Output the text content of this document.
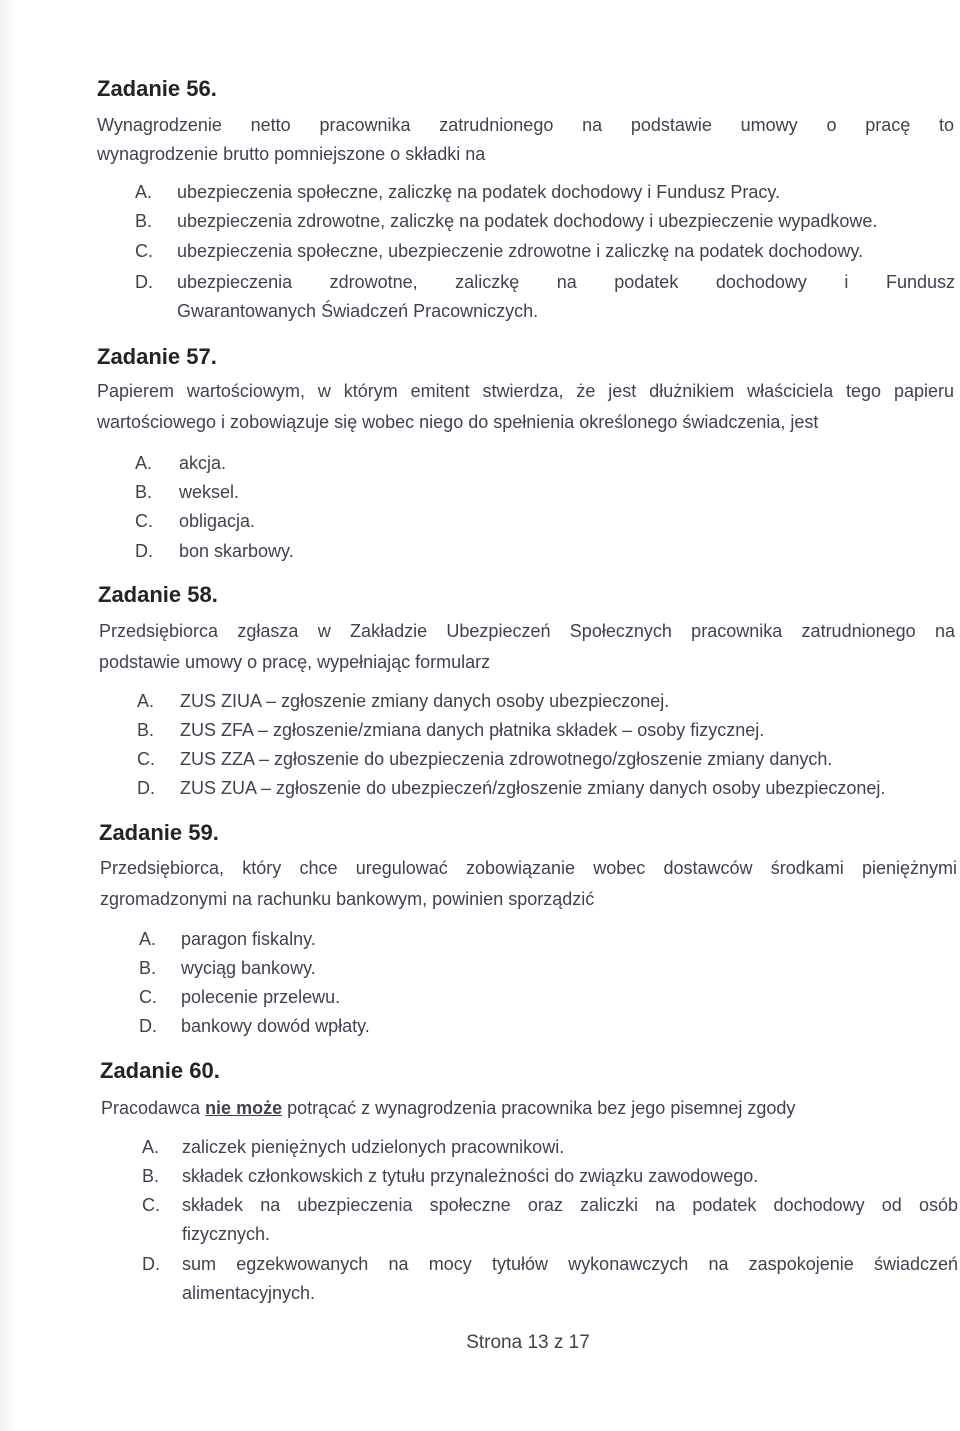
Zadanie 56.
Wynagrodzenie netto pracownika zatrudnionego na podstawie umowy o pracę to
wynagrodzenie brutto pomniejszone o składki na
A. ubezpieczenia społeczne, zaliczkę na podatek dochodowy i Fundusz Pracy.
B. ubezpieczenia zdrowotne, zaliczkę na podatek dochodowy i ubezpieczenie wypadkowe.
C. ubezpieczenia społeczne, ubezpieczenie zdrowotne i zaliczkę na podatek dochodowy.
D. ubezpieczenia zdrowotne, zaliczkę na podatek dochodowy i Fundusz
Gwarantowanych Świadczeń Pracowniczych.
Zadanie 57.
Papierem wartościowym, w którym emitent stwierdza, że jest dłużnikiem właściciela tego papieru
wartościowego i zobowiązuje się wobec niego do spełnienia określonego świadczenia, jest
A. akcja.
B. weksel.
C. obligacja.
D. bon skarbowy.
Zadanie 58.
Przedsiębiorca zgłasza w Zakładzie Ubezpieczeń Społecznych pracownika zatrudnionego na
podstawie umowy o pracę, wypełniając formularz
A. ZUS ZIUA – zgłoszenie zmiany danych osoby ubezpieczonej.
B. ZUS ZFA – zgłoszenie/zmiana danych płatnika składek – osoby fizycznej.
C. ZUS ZZA – zgłoszenie do ubezpieczenia zdrowotnego/zgłoszenie zmiany danych.
D. ZUS ZUA – zgłoszenie do ubezpieczeń/zgłoszenie zmiany danych osoby ubezpieczonej.
Zadanie 59.
Przedsiębiorca, który chce uregulować zobowiązanie wobec dostawców środkami pieniężnymi
zgromadzonymi na rachunku bankowym, powinien sporządzić
A. paragon fiskalny.
B. wyciąg bankowy.
C. polecenie przelewu.
D. bankowy dowód wpłaty.
Zadanie 60.
Pracodawca nie może potrącać z wynagrodzenia pracownika bez jego pisemnej zgody
A. zaliczek pieniężnych udzielonych pracownikowi.
B. składek członkowskich z tytułu przynależności do związku zawodowego.
C. składek na ubezpieczenia społeczne oraz zaliczki na podatek dochodowy od osób
fizycznych.
D. sum egzekwowanych na mocy tytułów wykonawczych na zaspokojenie świadczeń
alimentacyjnych.
Strona 13 z 17
